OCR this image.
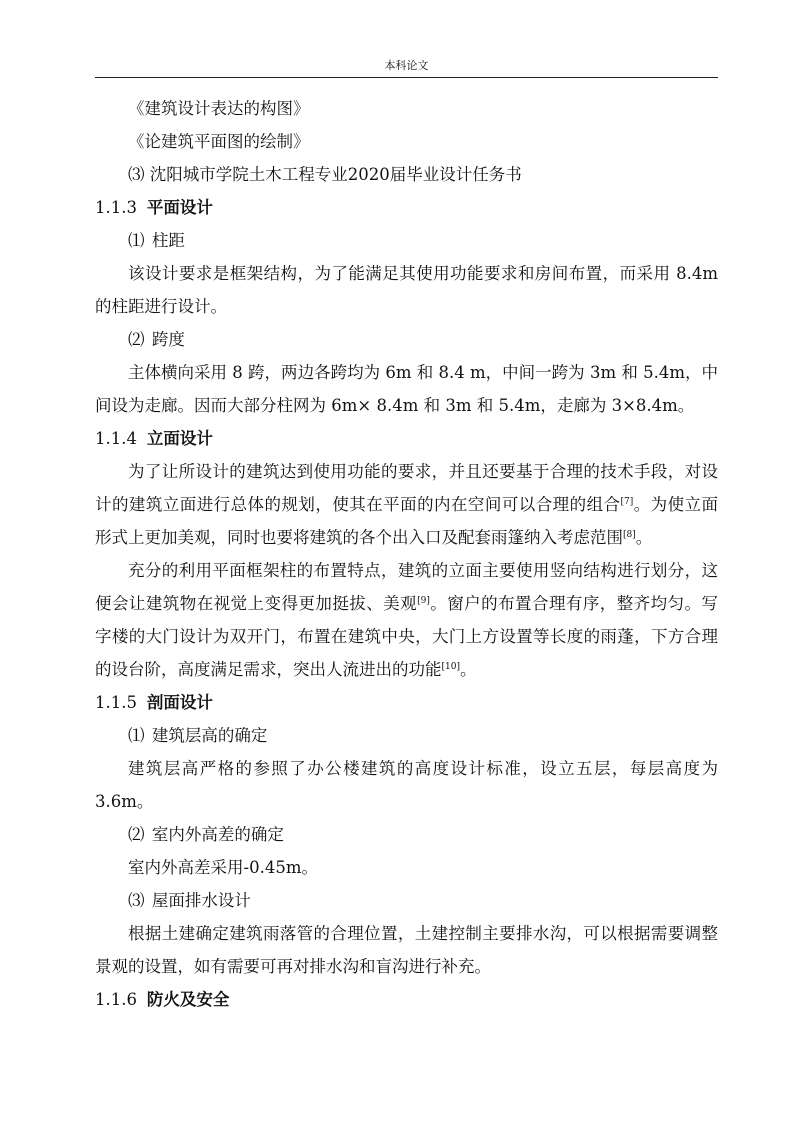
本科论文

《建筑设计表达的构图》

《论建筑平面图的绘制》

⑶ 沈阳城市学院土木工程专业2020届毕业设计任务书

1.1.3 平面设计

⑴ 柱距

该设计要求是框架结构，为了能满足其使用功能要求和房间布置，而采用 8.4m 的柱距进行设计。

⑵ 跨度

主体横向采用 8 跨，两边各跨均为 6m 和 8.4 m，中间一跨为 3m 和 5.4m，中间设为走廊。因而大部分柱网为 6m× 8.4m 和 3m 和 5.4m，走廊为 3×8.4m。

1.1.4 立面设计

为了让所设计的建筑达到使用功能的要求，并且还要基于合理的技术手段，对设计的建筑立面进行总体的规划，使其在平面的内在空间可以合理的组合[7]。为使立面形式上更加美观，同时也要将建筑的各个出入口及配套雨篷纳入考虑范围[8]。

充分的利用平面框架柱的布置特点，建筑的立面主要使用竖向结构进行划分，这便会让建筑物在视觉上变得更加挺拔、美观[9]。窗户的布置合理有序，整齐均匀。写字楼的大门设计为双开门，布置在建筑中央，大门上方设置等长度的雨蓬，下方合理的设台阶，高度满足需求，突出人流进出的功能[10]。

1.1.5 剖面设计

⑴ 建筑层高的确定

建筑层高严格的参照了办公楼建筑的高度设计标准，设立五层，每层高度为 3.6m。

⑵ 室内外高差的确定

室内外高差采用-0.45m。

⑶ 屋面排水设计

根据土建确定建筑雨落管的合理位置，土建控制主要排水沟，可以根据需要调整景观的设置，如有需要可再对排水沟和盲沟进行补充。

1.1.6 防火及安全
